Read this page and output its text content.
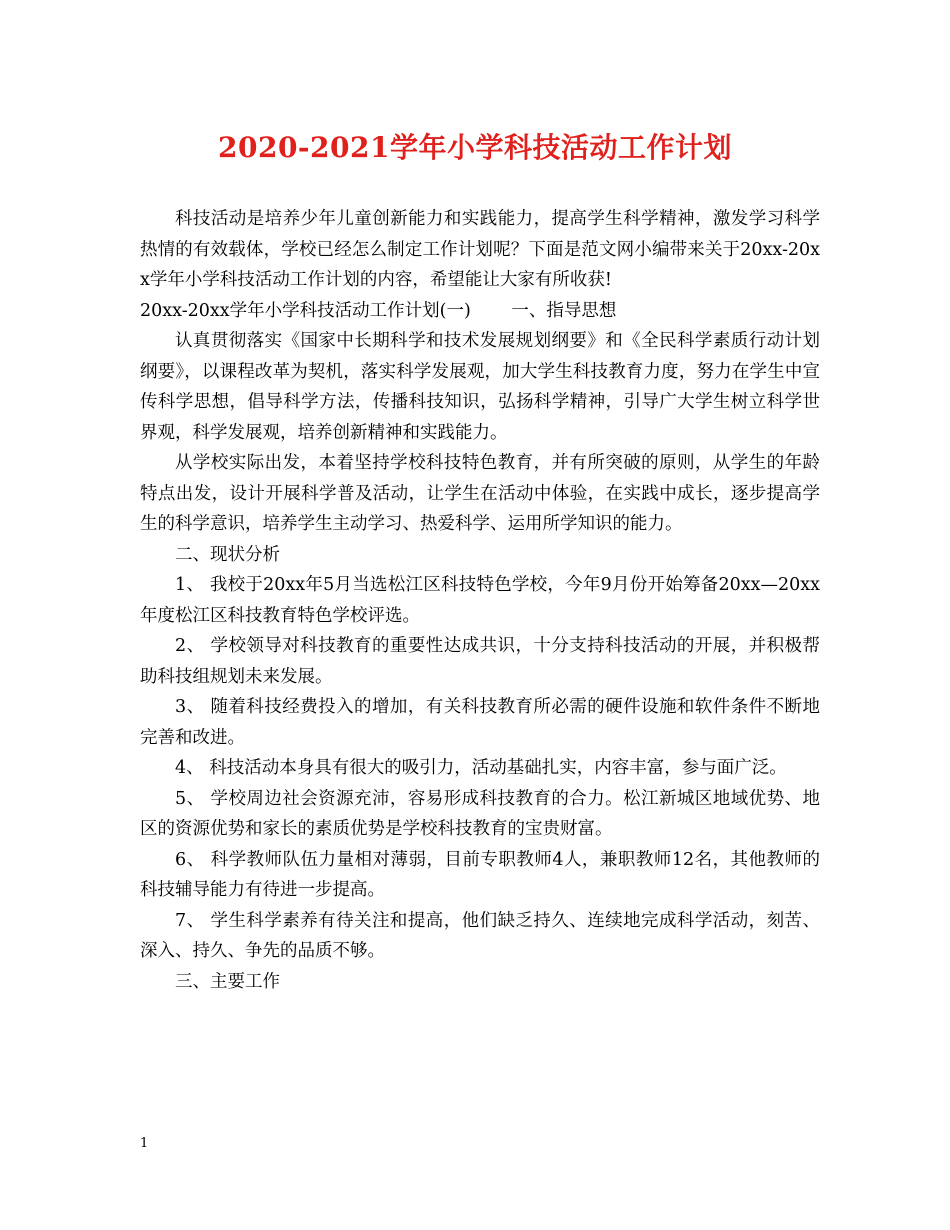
2020-2021学年小学科技活动工作计划

科技活动是培养少年儿童创新能力和实践能力，提高学生科学精神，激发学习科学热情的有效载体，学校已经怎么制定工作计划呢？下面是范文网小编带来关于20xx-20xx学年小学科技活动工作计划的内容，希望能让大家有所收获!

20xx-20xx学年小学科技活动工作计划(一)　　 一、指导思想

认真贯彻落实《国家中长期科学和技术发展规划纲要》和《全民科学素质行动计划纲要》，以课程改革为契机，落实科学发展观，加大学生科技教育力度，努力在学生中宣传科学思想，倡导科学方法，传播科技知识，弘扬科学精神，引导广大学生树立科学世界观，科学发展观，培养创新精神和实践能力。

从学校实际出发，本着坚持学校科技特色教育，并有所突破的原则，从学生的年龄特点出发，设计开展科学普及活动，让学生在活动中体验，在实践中成长，逐步提高学生的科学意识，培养学生主动学习、热爱科学、运用所学知识的能力。

二、现状分析

1、 我校于20xx年5月当选松江区科技特色学校，今年9月份开始筹备20xx—20xx年度松江区科技教育特色学校评选。

2、 学校领导对科技教育的重要性达成共识，十分支持科技活动的开展，并积极帮助科技组规划未来发展。

3、 随着科技经费投入的增加，有关科技教育所必需的硬件设施和软件条件不断地完善和改进。

4、 科技活动本身具有很大的吸引力，活动基础扎实，内容丰富，参与面广泛。

5、 学校周边社会资源充沛，容易形成科技教育的合力。松江新城区地域优势、地区的资源优势和家长的素质优势是学校科技教育的宝贵财富。

6、 科学教师队伍力量相对薄弱，目前专职教师4人，兼职教师12名，其他教师的科技辅导能力有待进一步提高。

7、 学生科学素养有待关注和提高，他们缺乏持久、连续地完成科学活动，刻苦、深入、持久、争先的品质不够。

三、主要工作

1
